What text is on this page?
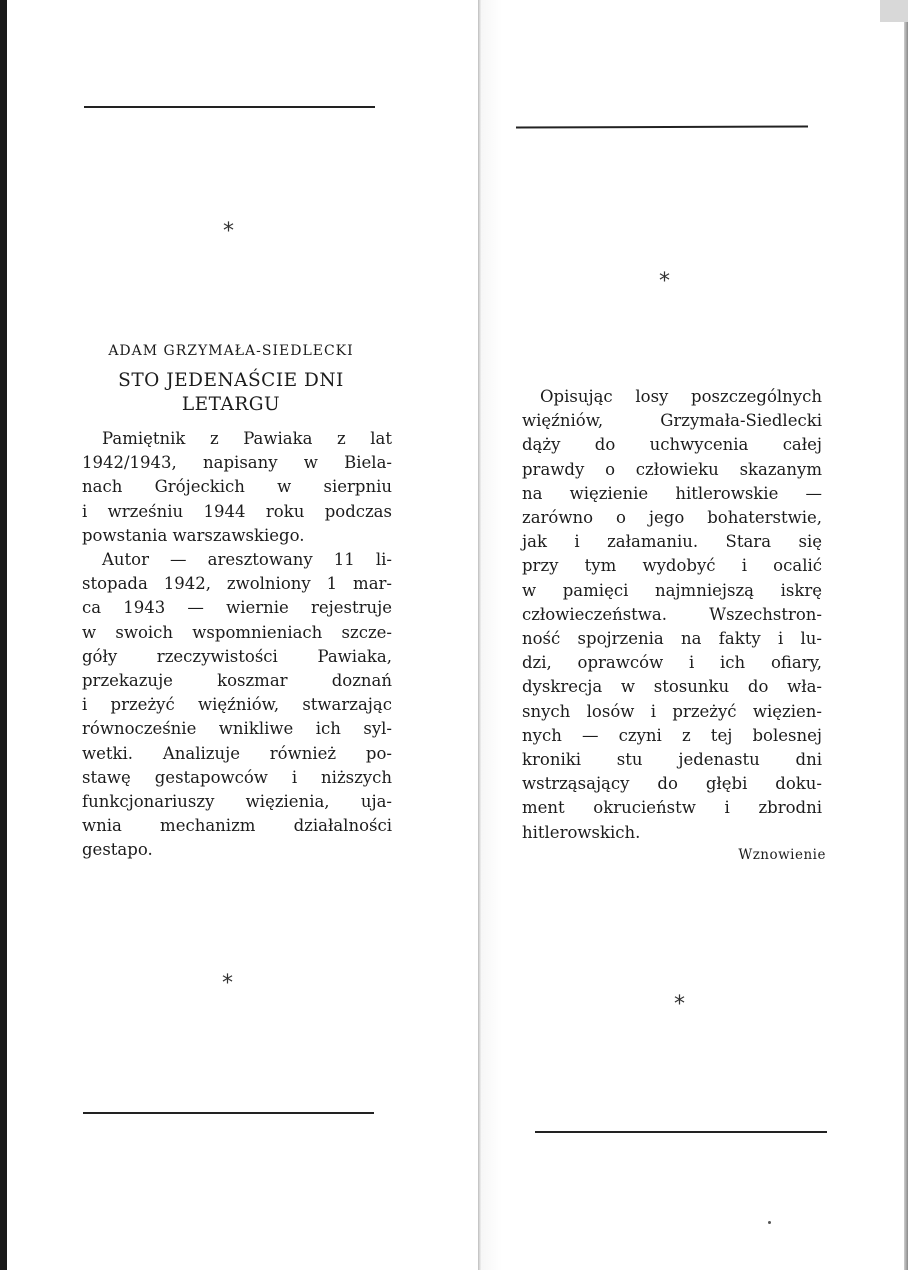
*
ADAM GRZYMAŁA-SIEDLECKI
STO JEDENAŚCIE DNI
LETARGU

Pamiętnik z Pawiaka z lat
1942/1943, napisany w Biela-
nach Grójeckich w sierpniu
i wrześniu 1944 roku podczas
powstania warszawskiego.

Autor — aresztowany 11 li-
stopada 1942, zwolniony 1 mar-
ca 1943 — wiernie rejestruje
w swoich wspomnieniach szcze-
góły rzeczywistości Pawiaka,
przekazuje koszmar doznań
i przeżyć więźniów, stwarzając
równocześnie wnikliwe ich syl-
wetki. Analizuje również po-
stawę gestapowców i niższych
funkcjonariuszy więzienia, uja-
wnia mechanizm działalności
gestapo.

*
*

Opisując losy poszczególnych
więźniów, Grzymała-Siedlecki
dąży do uchwycenia całej
prawdy o człowieku skazanym
na więzienie hitlerowskie —
zarówno o jego bohaterstwie,
jak i załamaniu. Stara się
przy tym wydobyć i ocalić
w pamięci najmniejszą iskrę
człowieczeństwa. Wszechstron-
ność spojrzenia na fakty i lu-
dzi, oprawców i ich ofiary,
dyskrecja w stosunku do wła-
snych losów i przeżyć więzien-
nych — czyni z tej bolesnej
kroniki stu jedenastu dni
wstrząsający do głębi doku-
ment okrucieństw i zbrodni
hitlerowskich.

Wznowienie
*
